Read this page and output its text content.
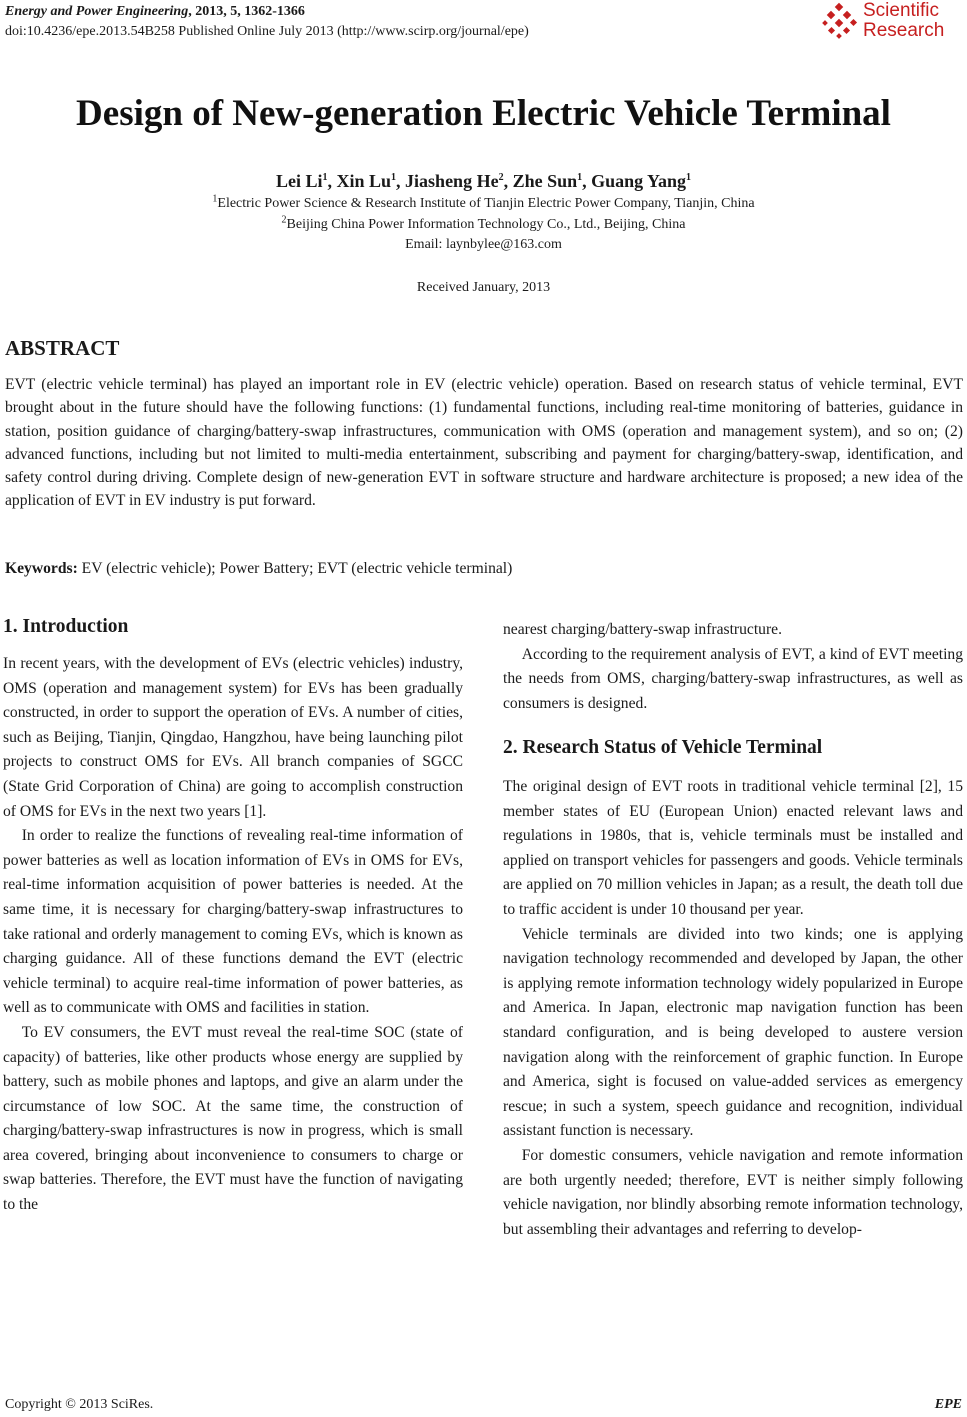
Energy and Power Engineering, 2013, 5, 1362-1366
doi:10.4236/epe.2013.54B258 Published Online July 2013 (http://www.scirp.org/journal/epe)
Scientific
Research
Design of New-generation Electric Vehicle Terminal
Lei Li$^1$, Xin Lu$^1$, Jiasheng He$^2$, Zhe Sun$^1$, Guang Yang$^1$
$^1$Electric Power Science & Research Institute of Tianjin Electric Power Company, Tianjin, China
$^2$Beijing China Power Information Technology Co., Ltd., Beijing, China
Email: laynbylee@163.com
Received January, 2013
ABSTRACT
EVT (electric vehicle terminal) has played an important role in EV (electric vehicle) operation. Based on research status of vehicle terminal, EVT brought about in the future should have the following functions: (1) fundamental functions, including real-time monitoring of batteries, guidance in station, position guidance of charging/battery-swap infrastructures, communication with OMS (operation and management system), and so on; (2) advanced functions, including but not limited to multi-media entertainment, subscribing and payment for charging/battery-swap, identification, and safety control during driving. Complete design of new-generation EVT in software structure and hardware architecture is proposed; a new idea of the application of EVT in EV industry is put forward.
Keywords: EV (electric vehicle); Power Battery; EVT (electric vehicle terminal)
1. Introduction

In recent years, with the development of EVs (electric vehicles) industry, OMS (operation and management system) for EVs has been gradually constructed, in order to support the operation of EVs. A number of cities, such as Beijing, Tianjin, Qingdao, Hangzhou, have being launching pilot projects to construct OMS for EVs. All branch companies of SGCC (State Grid Corporation of China) are going to accomplish construction of OMS for EVs in the next two years [1].

In order to realize the functions of revealing real-time information of power batteries as well as location information of EVs in OMS for EVs, real-time information acquisition of power batteries is needed. At the same time, it is necessary for charging/battery-swap infrastructures to take rational and orderly management to coming EVs, which is known as charging guidance. All of these functions demand the EVT (electric vehicle terminal) to acquire real-time information of power batteries, as well as to communicate with OMS and facilities in station.

To EV consumers, the EVT must reveal the real-time SOC (state of capacity) of batteries, like other products whose energy are supplied by battery, such as mobile phones and laptops, and give an alarm under the circumstance of low SOC. At the same time, the construction of charging/battery-swap infrastructures is now in progress, which is small area covered, bringing about inconvenience to consumers to charge or swap batteries. Therefore, the EVT must have the function of navigating to the

nearest charging/battery-swap infrastructure.

According to the requirement analysis of EVT, a kind of EVT meeting the needs from OMS, charging/battery-swap infrastructures, as well as consumers is designed.

2. Research Status of Vehicle Terminal

The original design of EVT roots in traditional vehicle terminal [2], 15 member states of EU (European Union) enacted relevant laws and regulations in 1980s, that is, vehicle terminals must be installed and applied on transport vehicles for passengers and goods. Vehicle terminals are applied on 70 million vehicles in Japan; as a result, the death toll due to traffic accident is under 10 thousand per year.

Vehicle terminals are divided into two kinds; one is applying navigation technology recommended and developed by Japan, the other is applying remote information technology widely popularized in Europe and America. In Japan, electronic map navigation function has been standard configuration, and is being developed to austere version navigation along with the reinforcement of graphic function. In Europe and America, sight is focused on value-added services as emergency rescue; in such a system, speech guidance and recognition, individual assistant function is necessary.

For domestic consumers, vehicle navigation and remote information are both urgently needed; therefore, EVT is neither simply following vehicle navigation, nor blindly absorbing remote information technology, but assembling their advantages and referring to develop-

Copyright © 2013 SciRes.	EPE
